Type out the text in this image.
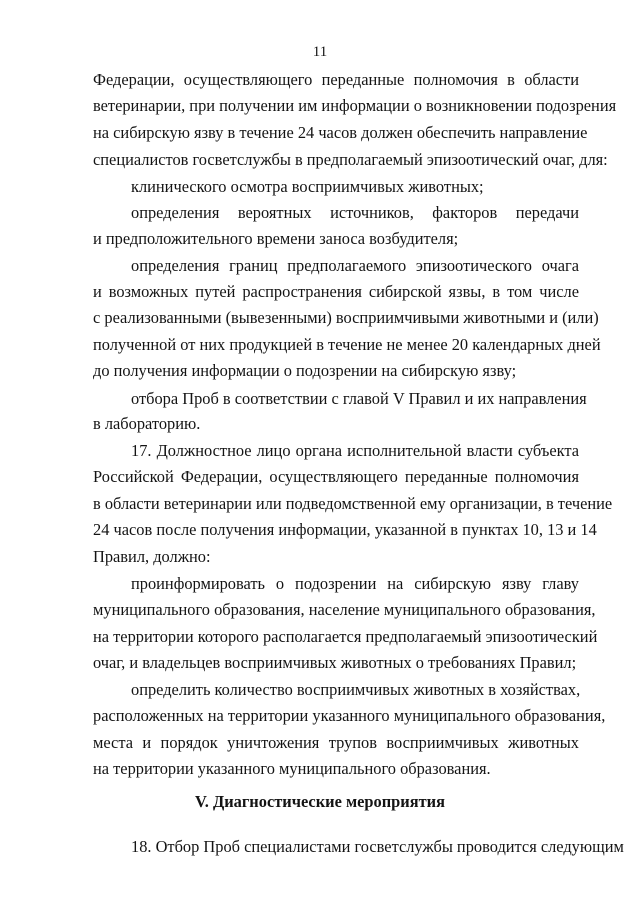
11
Федерации, осуществляющего переданные полномочия в области
ветеринарии, при получении им информации о возникновении подозрения
на сибирскую язву в течение 24 часов должен обеспечить направление
специалистов госветслужбы в предполагаемый эпизоотический очаг, для:
клинического осмотра восприимчивых животных;
определения вероятных источников, факторов передачи
и предположительного времени заноса возбудителя;
определения границ предполагаемого эпизоотического очага
и возможных путей распространения сибирской язвы, в том числе
с реализованными (вывезенными) восприимчивыми животными и (или)
полученной от них продукцией в течение не менее 20 календарных дней
до получения информации о подозрении на сибирскую язву;
отбора Проб в соответствии с главой V Правил и их направления
в лабораторию.
17. Должностное лицо органа исполнительной власти субъекта
Российской Федерации, осуществляющего переданные полномочия
в области ветеринарии или подведомственной ему организации, в течение
24 часов после получения информации, указанной в пунктах 10, 13 и 14
Правил, должно:
проинформировать о подозрении на сибирскую язву главу
муниципального образования, население муниципального образования,
на территории которого располагается предполагаемый эпизоотический
очаг, и владельцев восприимчивых животных о требованиях Правил;
определить количество восприимчивых животных в хозяйствах,
расположенных на территории указанного муниципального образования,
места и порядок уничтожения трупов восприимчивых животных
на территории указанного муниципального образования.
V. Диагностические мероприятия
18. Отбор Проб специалистами госветслужбы проводится следующим
